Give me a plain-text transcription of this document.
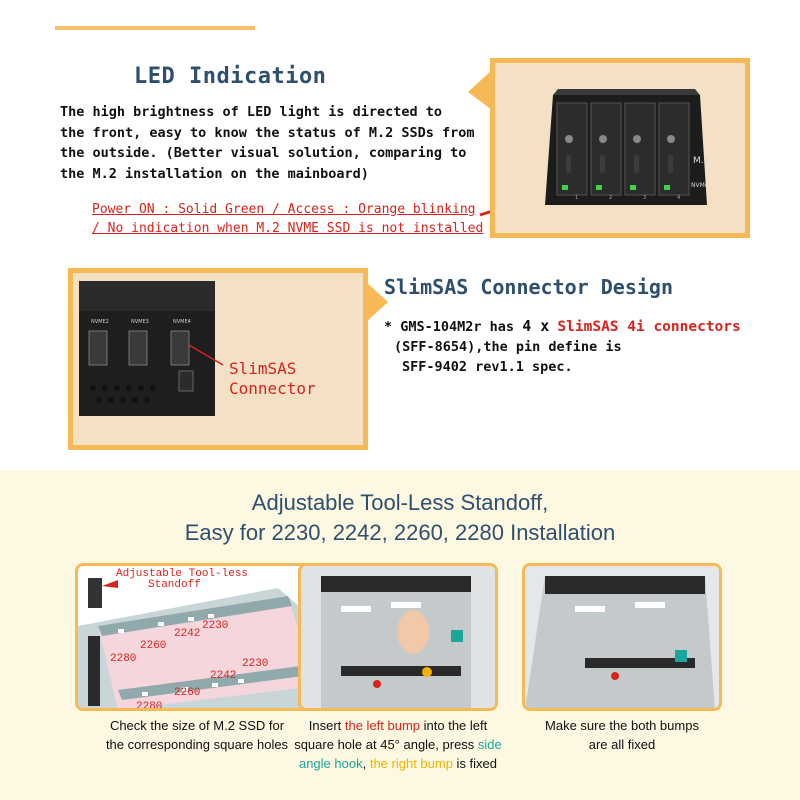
LED Indication
The high brightness of LED light is directed to
the front, easy to know the status of M.2 SSDs from
the outside. (Better visual solution, comparing to
the M.2 installation on the mainboard)
Power ON : Solid Green / Access : Orange blinking
/ No indication when M.2 NVME SSD is not installed
M.2
NVMe
1	2	3	4
NVME2	NVME3	NVME4
SlimSAS
Connector
SlimSAS Connector Design
* GMS-104M2r has 4 x SlimSAS 4i connectors
(SFF-8654),the pin define is
SFF-9402 rev1.1 spec.
Adjustable Tool-Less Standoff,
Easy for 2230, 2242, 2260, 2280 Installation
Adjustable Tool-less
Standoff
2280
2260
2242
2230
2280
2260
2242
2230
Check the size of M.2 SSD for
the corresponding square holes
Insert the left bump into the left
square hole at 45° angle, press side
angle hook, the right bump is fixed
Make sure the both bumps
are all fixed
